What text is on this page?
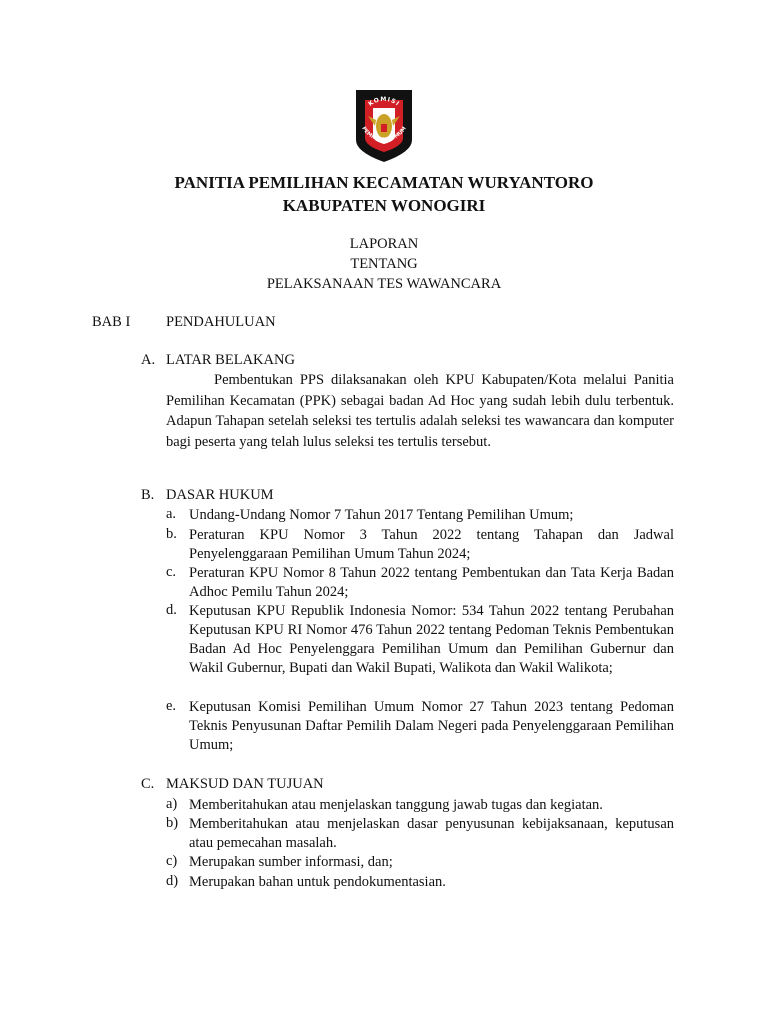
KOMISI
PEMILIHAN UMUM
PANITIA PEMILIHAN KECAMATAN WURYANTORO
KABUPATEN WONOGIRI
LAPORAN
TENTANG
PELAKSANAAN TES WAWANCARA
BAB I PENDAHULUAN
A. LATAR BELAKANG

Pembentukan PPS dilaksanakan oleh KPU Kabupaten/Kota melalui Panitia Pemilihan Kecamatan (PPK) sebagai badan Ad Hoc yang sudah lebih dulu terbentuk. Adapun Tahapan setelah seleksi tes tertulis adalah seleksi tes wawancara dan komputer bagi peserta yang telah lulus seleksi tes tertulis tersebut.

B. DASAR HUKUM
a. Undang-Undang Nomor 7 Tahun 2017 Tentang Pemilihan Umum;
b. Peraturan KPU Nomor 3 Tahun 2022 tentang Tahapan dan Jadwal Penyelenggaraan Pemilihan Umum Tahun 2024;
c. Peraturan KPU Nomor 8 Tahun 2022 tentang Pembentukan dan Tata Kerja Badan Adhoc Pemilu Tahun 2024;
d. Keputusan KPU Republik Indonesia Nomor: 534 Tahun 2022 tentang Perubahan Keputusan KPU RI Nomor 476 Tahun 2022 tentang Pedoman Teknis Pembentukan Badan Ad Hoc Penyelenggara Pemilihan Umum dan Pemilihan Gubernur dan Wakil Gubernur, Bupati dan Wakil Bupati, Walikota dan Wakil Walikota;
e. Keputusan Komisi Pemilihan Umum Nomor 27 Tahun 2023 tentang Pedoman Teknis Penyusunan Daftar Pemilih Dalam Negeri pada Penyelenggaraan Pemilihan Umum;
C. MAKSUD DAN TUJUAN
a) Memberitahukan atau menjelaskan tanggung jawab tugas dan kegiatan.
b) Memberitahukan atau menjelaskan dasar penyusunan kebijaksanaan, keputusan atau pemecahan masalah.
c) Merupakan sumber informasi, dan;
d) Merupakan bahan untuk pendokumentasian.
